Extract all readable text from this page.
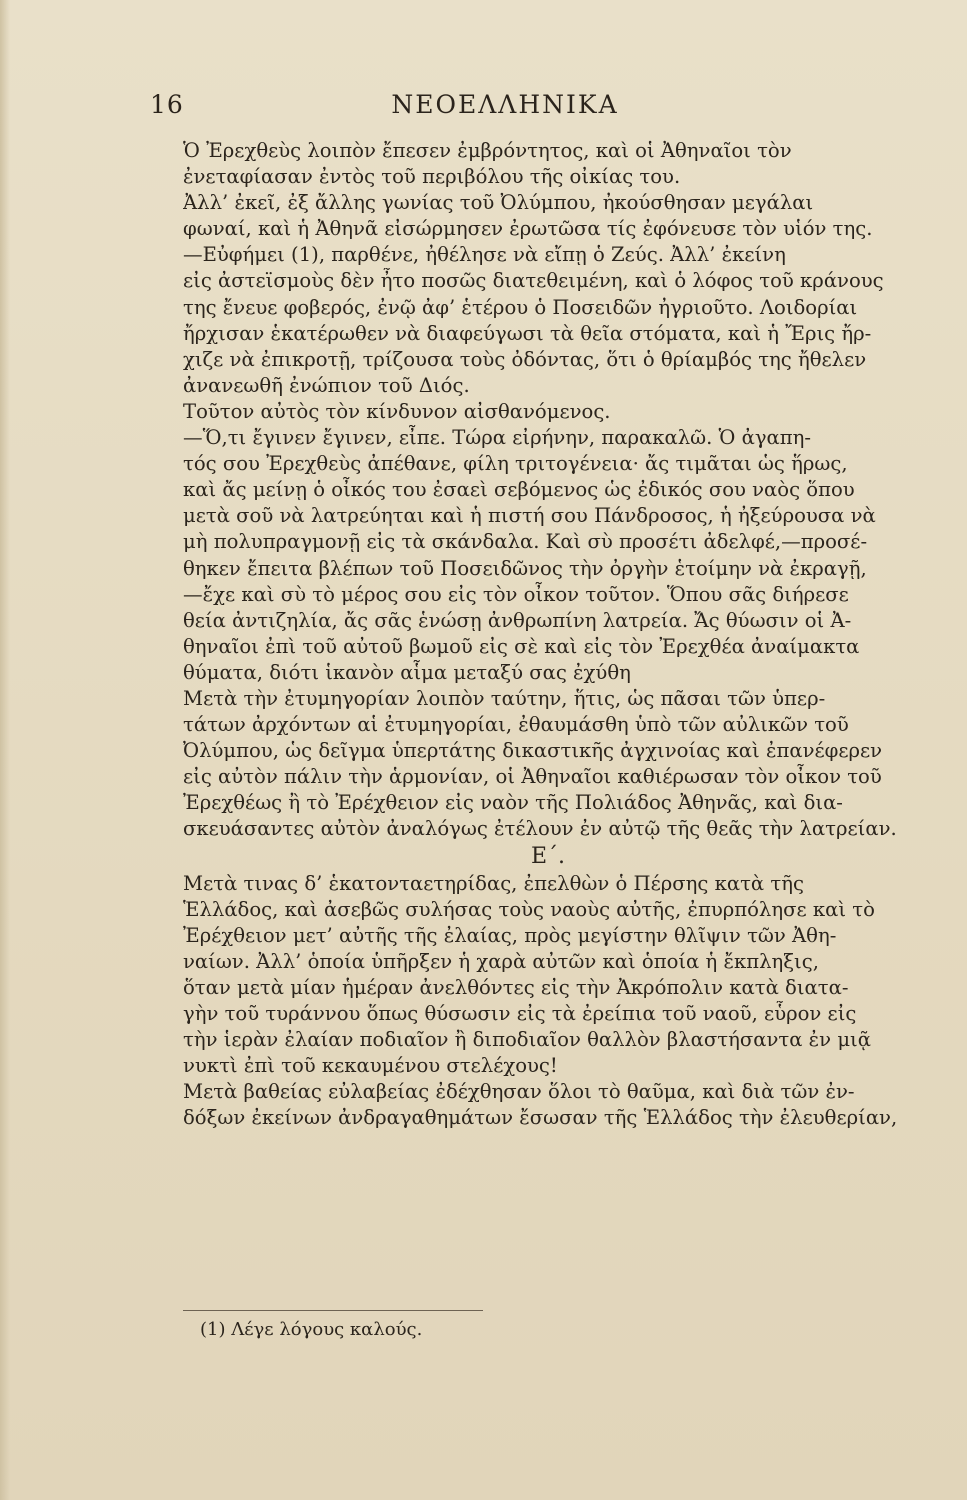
16	ΝΕΟΕΛΛΗΝΙΚΑ
Ὁ Ἐρεχθεὺς λοιπὸν ἔπεσεν ἐμβρόντητος, καὶ οἱ Ἀθηναῖοι τὸν
ἐνεταφίασαν ἐντὸς τοῦ περιβόλου τῆς οἰκίας του.
Ἀλλ’ ἐκεῖ, ἐξ ἄλλης γωνίας τοῦ Ὀλύμπου, ἠκούσθησαν μεγάλαι
φωναί, καὶ ἡ Ἀθηνᾶ εἰσώρμησεν ἐρωτῶσα τίς ἐφόνευσε τὸν υἱόν της.
—Εὐφήμει (1), παρθένε, ἠθέλησε νὰ εἴπῃ ὁ Ζεύς. Ἀλλ’ ἐκείνη
εἰς ἀστεϊσμοὺς δὲν ἦτο ποσῶς διατεθειμένη, καὶ ὁ λόφος τοῦ κράνους
της ἔνευε φοβερός, ἐνῷ ἀφ’ ἑτέρου ὁ Ποσειδῶν ἠγριοῦτο. Λοιδορίαι
ἤρχισαν ἑκατέρωθεν νὰ διαφεύγωσι τὰ θεῖα στόματα, καὶ ἡ Ἔρις ἤρ-
χιζε νὰ ἐπικροτῇ, τρίζουσα τοὺς ὀδόντας, ὅτι ὁ θρίαμβός της ἤθελεν
ἀνανεωθῆ ἐνώπιον τοῦ Διός.
Τοῦτον αὐτὸς τὸν κίνδυνον αἰσθανόμενος.
—Ὅ,τι ἔγινεν ἔγινεν, εἶπε. Τώρα εἰρήνην, παρακαλῶ. Ὁ ἀγαπη-
τός σου Ἐρεχθεὺς ἀπέθανε, φίλη τριτογένεια· ἄς τιμᾶται ὡς ἥρως,
καὶ ἄς μείνῃ ὁ οἶκός του ἐσαεὶ σεβόμενος ὡς ἐδικός σου ναὸς ὅπου
μετὰ σοῦ νὰ λατρεύηται καὶ ἡ πιστή σου Πάνδροσος, ἡ ἠξεύρουσα νὰ
μὴ πολυπραγμονῇ εἰς τὰ σκάνδαλα. Καὶ σὺ προσέτι ἀδελφέ,—προσέ-
θηκεν ἔπειτα βλέπων τοῦ Ποσειδῶνος τὴν ὀργὴν ἑτοίμην νὰ ἐκραγῇ,
—ἔχε καὶ σὺ τὸ μέρος σου εἰς τὸν οἶκον τοῦτον. Ὅπου σᾶς διήρεσε
θεία ἀντιζηλία, ἄς σᾶς ἑνώσῃ ἀνθρωπίνη λατρεία. Ἄς θύωσιν οἱ Ἀ-
θηναῖοι ἐπὶ τοῦ αὐτοῦ βωμοῦ εἰς σὲ καὶ εἰς τὸν Ἐρεχθέα ἀναίμακτα
θύματα, διότι ἱκανὸν αἷμα μεταξύ σας ἐχύθη
Μετὰ τὴν ἐτυμηγορίαν λοιπὸν ταύτην, ἥτις, ὡς πᾶσαι τῶν ὑπερ-
τάτων ἀρχόντων αἱ ἐτυμηγορίαι, ἐθαυμάσθη ὑπὸ τῶν αὐλικῶν τοῦ
Ὀλύμπου, ὡς δεῖγμα ὑπερτάτης δικαστικῆς ἀγχινοίας καὶ ἐπανέφερεν
εἰς αὐτὸν πάλιν τὴν ἁρμονίαν, οἱ Ἀθηναῖοι καθιέρωσαν τὸν οἶκον τοῦ
Ἐρεχθέως ἢ τὸ Ἐρέχθειον εἰς ναὸν τῆς Πολιάδος Ἀθηνᾶς, καὶ δια-
σκευάσαντες αὐτὸν ἀναλόγως ἐτέλουν ἐν αὐτῷ τῆς θεᾶς τὴν λατρείαν.
Ε΄.
Μετὰ τινας δ’ ἑκατονταετηρίδας, ἐπελθὼν ὁ Πέρσης κατὰ τῆς
Ἑλλάδος, καὶ ἀσεβῶς συλήσας τοὺς ναοὺς αὐτῆς, ἐπυρπόλησε καὶ τὸ
Ἐρέχθειον μετ’ αὐτῆς τῆς ἐλαίας, πρὸς μεγίστην θλῖψιν τῶν Ἀθη-
ναίων. Ἀλλ’ ὁποία ὑπῆρξεν ἡ χαρὰ αὐτῶν καὶ ὁποία ἡ ἔκπληξις,
ὅταν μετὰ μίαν ἡμέραν ἀνελθόντες εἰς τὴν Ἀκρόπολιν κατὰ διατα-
γὴν τοῦ τυράννου ὅπως θύσωσιν εἰς τὰ ἐρείπια τοῦ ναοῦ, εὗρον εἰς
τὴν ἱερὰν ἐλαίαν ποδιαῖον ἢ διποδιαῖον θαλλὸν βλαστήσαντα ἐν μιᾷ
νυκτὶ ἐπὶ τοῦ κεκαυμένου στελέχους!
Μετὰ βαθείας εὐλαβείας ἐδέχθησαν ὅλοι τὸ θαῦμα, καὶ διὰ τῶν ἐν-
δόξων ἐκείνων ἀνδραγαθημάτων ἔσωσαν τῆς Ἑλλάδος τὴν ἐλευθερίαν,
(1) Λέγε λόγους καλούς.
